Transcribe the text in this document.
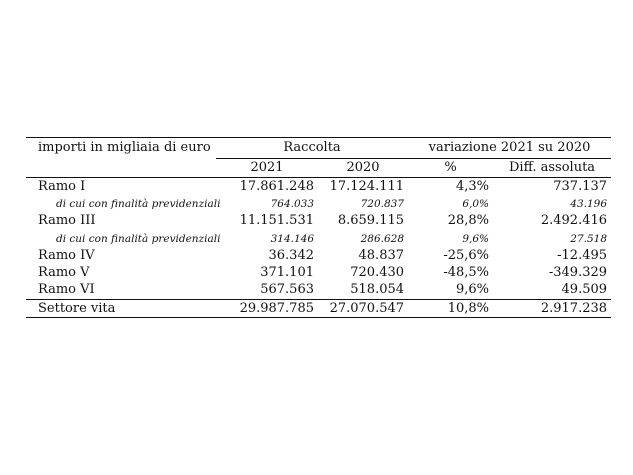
importi in migliaia di euro	Raccolta		variazione 2021 su 2020	
	2021	2020	%	Diff. assoluta
Ramo I	17.861.248	17.124.111	4,3%	737.137
di cui con finalità previdenziali	764.033	720.837	6,0%	43.196
Ramo III	11.151.531	8.659.115	28,8%	2.492.416
di cui con finalità previdenziali	314.146	286.628	9,6%	27.518
Ramo IV	36.342	48.837	-25,6%	-12.495
Ramo V	371.101	720.430	-48,5%	-349.329
Ramo VI	567.563	518.054	9,6%	49.509
Settore vita	29.987.785	27.070.547	10,8%	2.917.238
